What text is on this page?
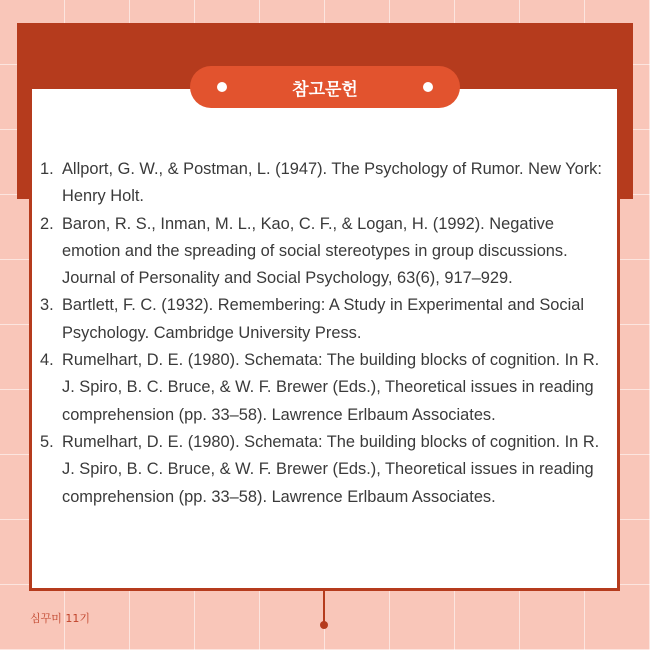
참고문헌
1. Allport, G. W., & Postman, L. (1947). The Psychology of Rumor. New York: Henry Holt.
2. Baron, R. S., Inman, M. L., Kao, C. F., & Logan, H. (1992). Negative emotion and the spreading of social stereotypes in group discussions. Journal of Personality and Social Psychology, 63(6), 917–929.
3. Bartlett, F. C. (1932). Remembering: A Study in Experimental and Social Psychology. Cambridge University Press.
4. Rumelhart, D. E. (1980). Schemata: The building blocks of cognition. In R. J. Spiro, B. C. Bruce, & W. F. Brewer (Eds.), Theoretical issues in reading comprehension (pp. 33–58). Lawrence Erlbaum Associates.
5. Rumelhart, D. E. (1980). Schemata: The building blocks of cognition. In R. J. Spiro, B. C. Bruce, & W. F. Brewer (Eds.), Theoretical issues in reading comprehension (pp. 33–58). Lawrence Erlbaum Associates.
심꾸미 11기
